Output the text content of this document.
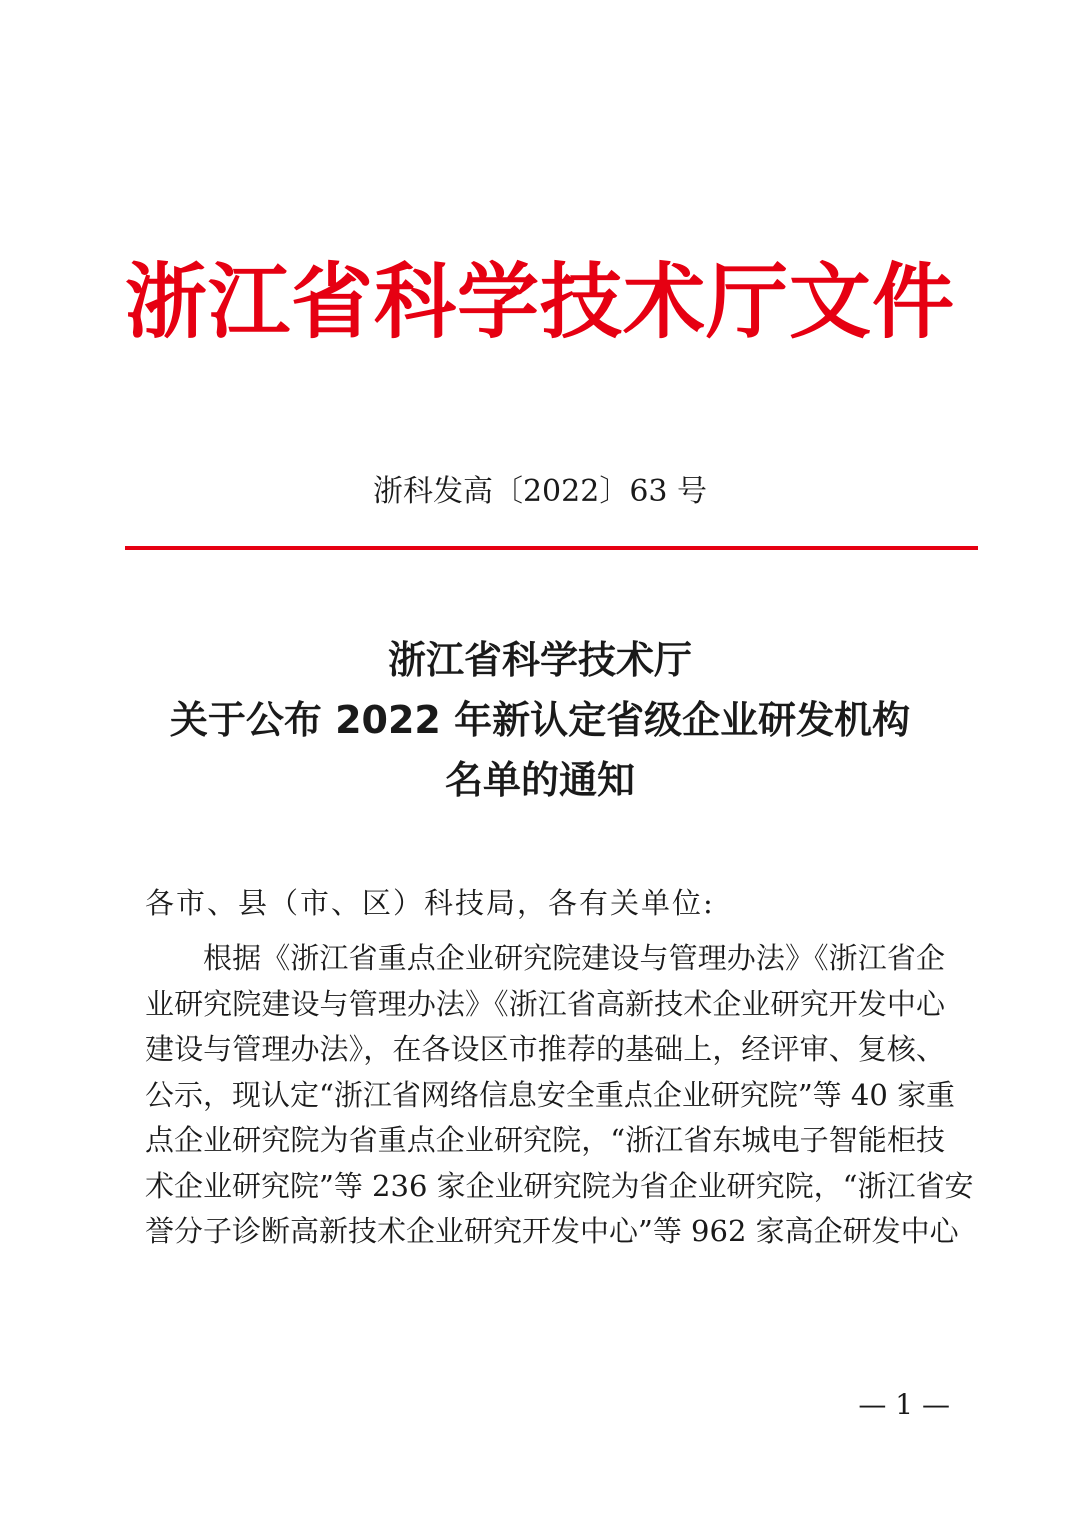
浙江省科学技术厅文件
浙科发高〔2022〕63 号
浙江省科学技术厅
关于公布 2022 年新认定省级企业研发机构
名单的通知
各市、县（市、区）科技局，各有关单位:
根据《浙江省重点企业研究院建设与管理办法》《浙江省企
业研究院建设与管理办法》《浙江省高新技术企业研究开发中心
建设与管理办法》，在各设区市推荐的基础上，经评审、复核、
公示，现认定“浙江省网络信息安全重点企业研究院”等 40 家重
点企业研究院为省重点企业研究院，“浙江省东城电子智能柜技
术企业研究院”等 236 家企业研究院为省企业研究院，“浙江省安
誉分子诊断高新技术企业研究开发中心”等 962 家高企研发中心
— 1 —
